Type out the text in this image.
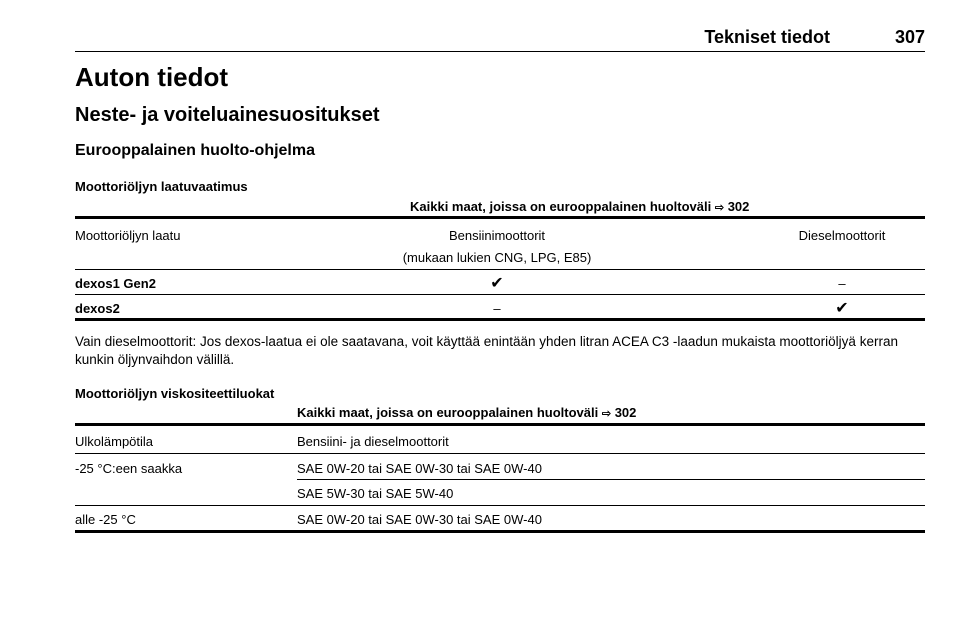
Tekniset tiedot	307
Auton tiedot
Neste- ja voiteluainesuositukset
Eurooppalainen huolto-ohjelma
Moottoriöljyn laatuvaatimus
Kaikki maat, joissa on eurooppalainen huoltoväli ⇨ 302
Moottoriöljyn laatu	Bensiinimoottorit	Dieselmoottorit
(mukaan lukien CNG, LPG, E85)
dexos1 Gen2	✔	–
dexos2	–	✔
Vain dieselmoottorit: Jos dexos-laatua ei ole saatavana, voit käyttää enintään yhden litran ACEA C3 -laadun mukaista moottoriöljyä kerran kunkin öljynvaihdon välillä.
Moottoriöljyn viskositeettiluokat
Kaikki maat, joissa on eurooppalainen huoltoväli ⇨ 302
Ulkolämpötila	Bensiini- ja dieselmoottorit
-25 °C:een saakka	SAE 0W-20 tai SAE 0W-30 tai SAE 0W-40
SAE 5W-30 tai SAE 5W-40
alle -25 °C	SAE 0W-20 tai SAE 0W-30 tai SAE 0W-40
